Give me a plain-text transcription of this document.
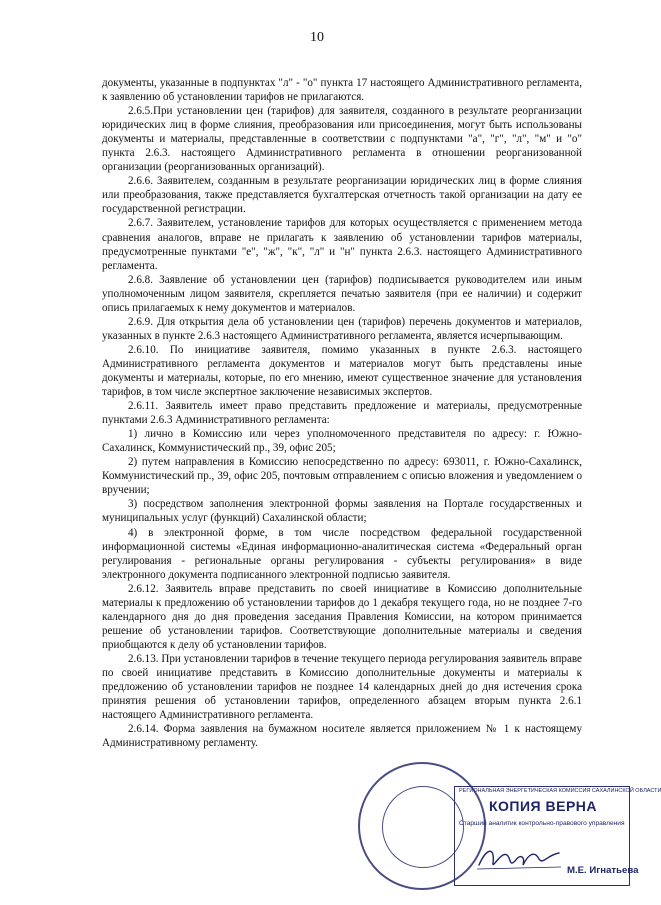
10

документы, указанные в подпунктах "л" - "о" пункта 17 настоящего Административного регламента, к заявлению об установлении тарифов не прилагаются.

2.6.5.При установлении цен (тарифов) для заявителя, созданного в результате реорганизации юридических лиц в форме слияния, преобразования или присоединения, могут быть использованы документы и материалы, представленные в соответствии с подпунктами "а", "г", "л", "м" и "о" пункта 2.6.3. настоящего Административного регламента в отношении реорганизованной организации (реорганизованных организаций).

2.6.6. Заявителем, созданным в результате реорганизации юридических лиц в форме слияния или преобразования, также представляется бухгалтерская отчетность такой организации на дату ее государственной регистрации.

2.6.7. Заявителем, установление тарифов для которых осуществляется с применением метода сравнения аналогов, вправе не прилагать к заявлению об установлении тарифов материалы, предусмотренные пунктами "е", "ж", "к", "л" и "н" пункта 2.6.3. настоящего Административного регламента.

2.6.8. Заявление об установлении цен (тарифов) подписывается руководителем или иным уполномоченным лицом заявителя, скрепляется печатью заявителя (при ее наличии) и содержит опись прилагаемых к нему документов и материалов.

2.6.9. Для открытия дела об установлении цен (тарифов) перечень документов и материалов, указанных в пункте 2.6.3 настоящего Административного регламента, является исчерпывающим.

2.6.10. По инициативе заявителя, помимо указанных в пункте 2.6.3. настоящего Административного регламента документов и материалов могут быть представлены иные документы и материалы, которые, по его мнению, имеют существенное значение для установления тарифов, в том числе экспертное заключение независимых экспертов.

2.6.11. Заявитель имеет право представить предложение и материалы, предусмотренные пунктами 2.6.3 Административного регламента:

1) лично в Комиссию или через уполномоченного представителя по адресу: г. Южно-Сахалинск, Коммунистический пр., 39, офис 205;

2) путем направления в Комиссию непосредственно по адресу: 693011, г. Южно-Сахалинск, Коммунистический пр., 39, офис 205, почтовым отправлением с описью вложения и уведомлением о вручении;

3) посредством заполнения электронной формы заявления на Портале государственных и муниципальных услуг (функций) Сахалинской области;

4) в электронной форме, в том числе посредством федеральной государственной информационной системы «Единая информационно-аналитическая система «Федеральный орган регулирования - региональные органы регулирования - субъекты регулирования» в виде электронного документа подписанного электронной подписью заявителя.

2.6.12. Заявитель вправе представить по своей инициативе в Комиссию дополнительные материалы к предложению об установлении тарифов до 1 декабря текущего года, но не позднее 7-го календарного дня до дня проведения заседания Правления Комиссии, на котором принимается решение об установлении тарифов. Соответствующие дополнительные материалы и сведения приобщаются к делу об установлении тарифов.

2.6.13. При установлении тарифов в течение текущего периода регулирования заявитель вправе по своей инициативе представить в Комиссию дополнительные документы и материалы к предложению об установлении тарифов не позднее 14 календарных дней до дня истечения срока принятия решения об установлении тарифов, определенного абзацем вторым пункта 2.6.1 настоящего Административного регламента.

2.6.14. Форма заявления на бумажном носителе является приложением № 1 к настоящему Административному регламенту.

РЕГИОНАЛЬНАЯ ЭНЕРГЕТИЧЕСКАЯ КОМИССИЯ САХАЛИНСКОЙ ОБЛАСТИ
КОПИЯ ВЕРНА
Старший аналитик контрольно-правового управления
М.Е. Игнатьева
